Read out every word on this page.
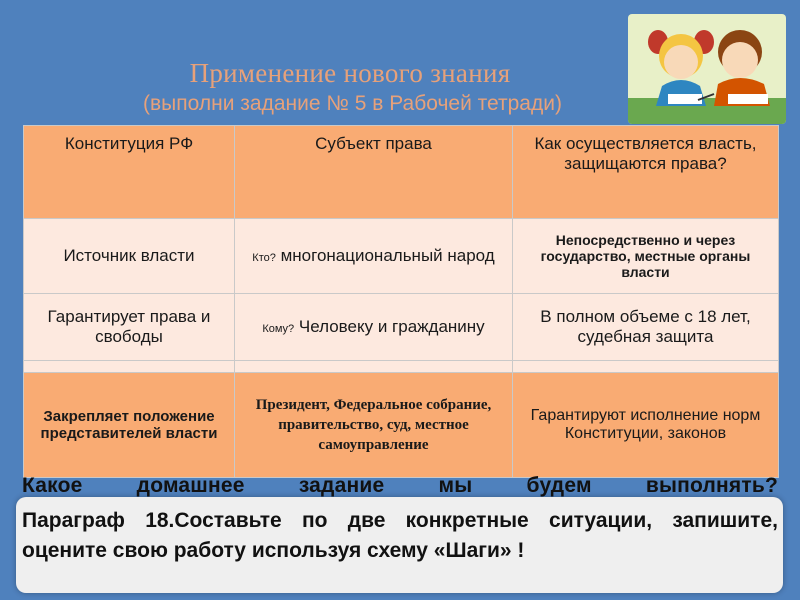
Применение нового знания
(выполни задание № 5 в Рабочей тетради)
Конституция РФ	Субъект права	Как осуществляется власть, защищаются права?
Источник власти	Кто? многонациональный народ	Непосредственно и через государство, местные органы власти
Гарантирует права и свободы	Кому? Человеку и гражданину	В полном объеме с 18 лет, судебная защита

Закрепляет положение представителей власти	Президент, Федеральное собрание, правительство, суд, местное самоуправление	Гарантируют исполнение норм Конституции, законов
Какое домашнее задание мы будем выполнять?
Параграф 18.Составьте по две конкретные ситуации, запишите, оцените свою работу используя схему «Шаги» !
